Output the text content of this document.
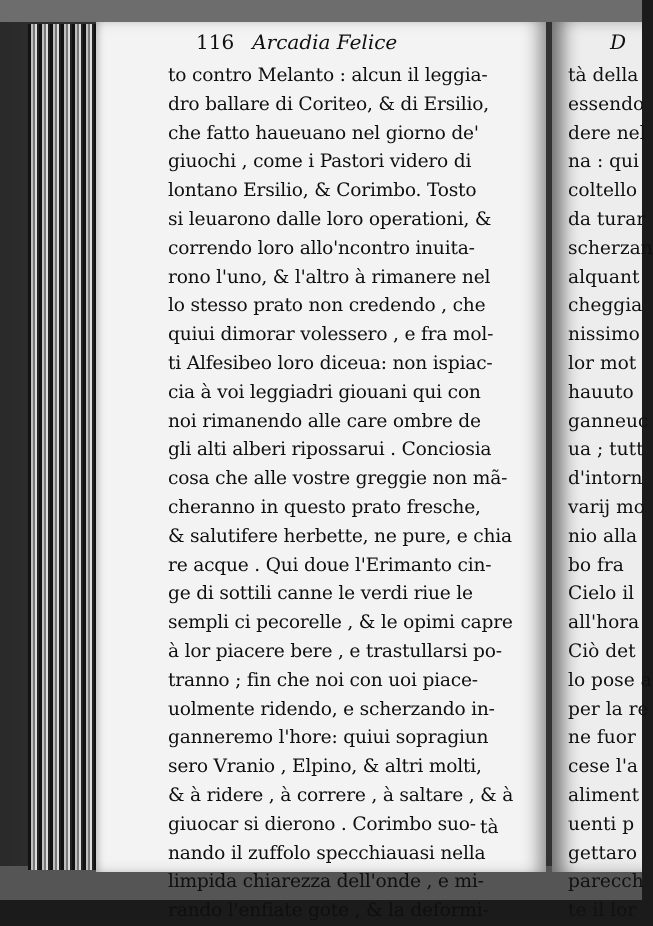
116 Arcadia Felice
to contro Melanto : alcun il leggia-
dro ballare di Coriteo, & di Ersilio,
che fatto haueuano nel giorno de'
giuochi , come i Pastori videro di
lontano Ersilio, & Corimbo. Tosto
si leuarono dalle loro operationi, &
correndo loro allo'ncontro inuita-
rono l'uno, & l'altro à rimanere nel
lo stesso prato non credendo , che
quiui dimorar volessero , e fra mol-
ti Alfesibeo loro diceua: non ispiac-
cia à voi leggiadri giouani qui con
noi rimanendo alle care ombre de
gli alti alberi ripossarui . Conciosia
cosa che alle vostre greggie non mã-
cheranno in questo prato fresche,
& salutifere herbette, ne pure, e chia
re acque . Qui doue l'Erimanto cin-
ge di sottili canne le verdi riue le
sempli ci pecorelle , & le opimi capre
à lor piacere bere , e trastullarsi po-
tranno ; fin che noi con uoi piace-
uolmente ridendo, e scherzando in-
ganneremo l'hore: quiui sopragiun
sero Vranio , Elpino, & altri molti,
& à ridere , à correre , à saltare , & à
giuocar si dierono . Corimbo suo-
nando il zuffolo specchiauasi nella
limpida chiarezza dell'onde , e mi-
rando l'enfiate gote , & la deformi-
tà
D
tà della
essendo
dere nel
na : qui
coltello
da turar
scherzan
alquant
cheggia
nissimo
lor mot
hauuto
ganneuc
ua ; tutt
d'intorn
varij mo
nio alla
bo fra
Cielo il
all'hora
Ciò det
lo pose a
per la re
ne fuor
cese l'a
aliment
uenti p
gettaro
parecch
te il lor
